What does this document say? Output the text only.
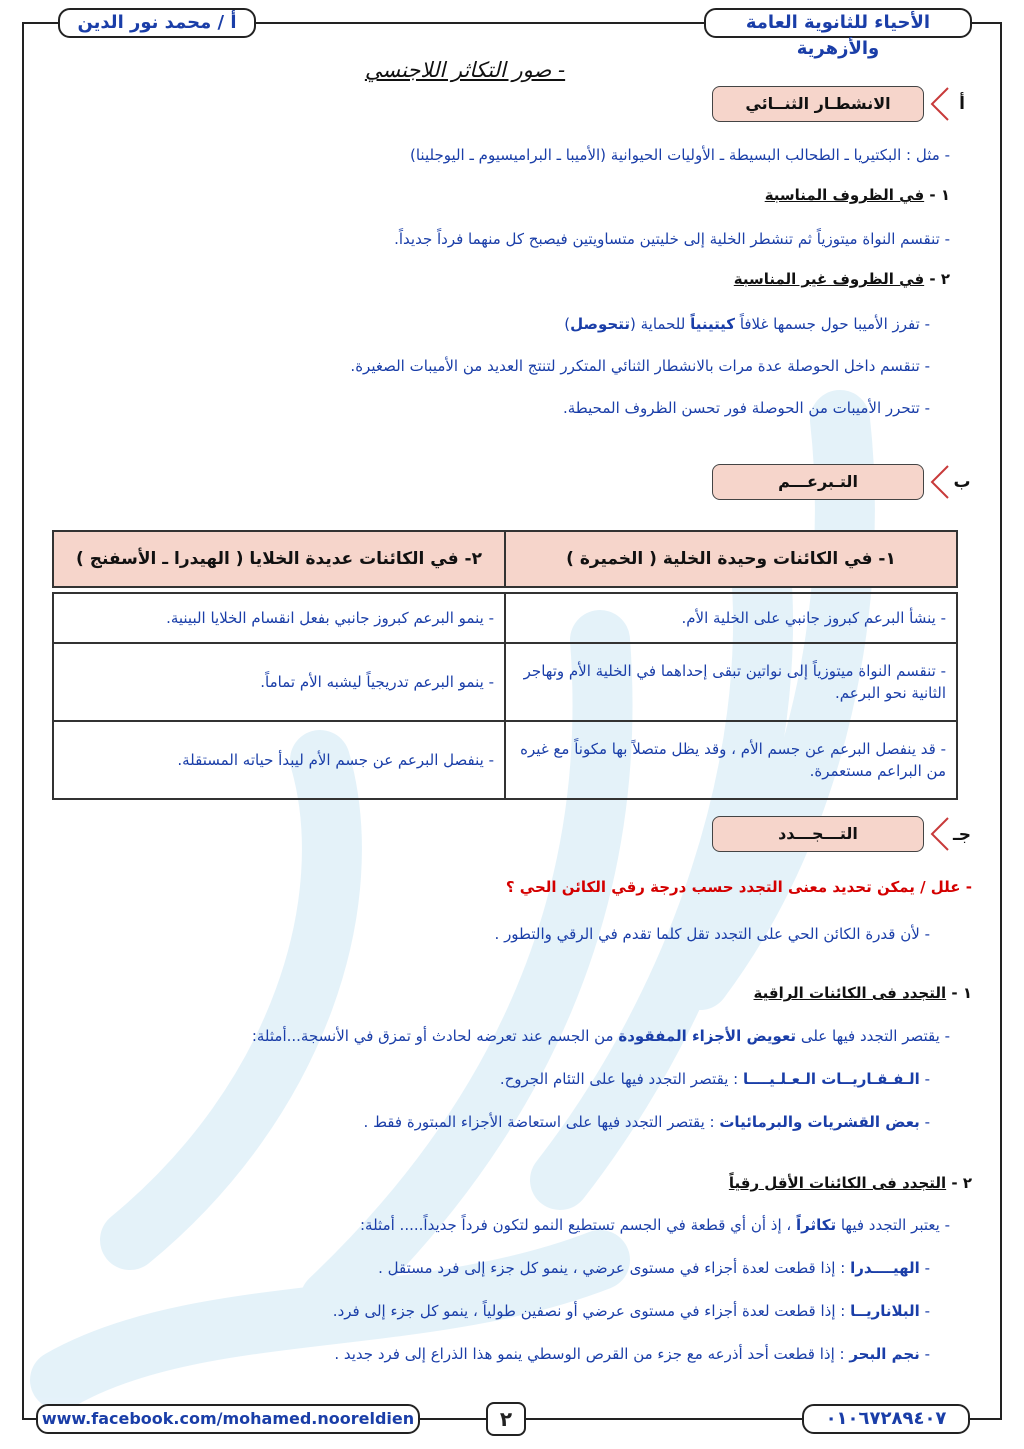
الأحياء للثانوية العامة والأزهرية
أ / محمد نور الدين
- صور التكاثر اللاجنسي
أ
الانشطـار الثنــائي
- مثل : البكتيريا ـ الطحالب البسيطة ـ الأوليات الحيوانية (الأميبا ـ البراميسيوم ـ اليوجلينا)
١ - في الظروف المناسبة
- تنقسم النواة ميتوزياً ثم تنشطر الخلية إلى خليتين متساويتين فيصبح كل منهما فرداً جديداً.
٢ - في الظروف غير المناسبة
- تفرز الأميبا حول جسمها غلافاً كيتينياً للحماية (تتحوصل)
- تنقسم داخل الحوصلة عدة مرات بالانشطار الثنائي المتكرر لتنتج العديد من الأميبات الصغيرة.
- تتحرر الأميبات من الحوصلة فور تحسن الظروف المحيطة.
ب
التـبرعـــم
١- في الكائنات وحيدة الخلية ( الخميرة )	٢- في الكائنات عديدة الخلايا ( الهيدرا ـ الأسفنج )

- ينشأ البرعم كبروز جانبي على الخلية الأم.	- ينمو البرعم كبروز جانبي بفعل انقسام الخلايا البينية.
- تنقسم النواة ميتوزياً إلى نواتين تبقى إحداهما في الخلية الأم وتهاجر الثانية نحو البرعم.	- ينمو البرعم تدريجياً ليشبه الأم تماماً.
- قد ينفصل البرعم عن جسم الأم ، وقد يظل متصلاً بها مكوناً مع غيره من البراعم مستعمرة.	- ينفصل البرعم عن جسم الأم ليبدأ حياته المستقلة.
جـ
التـــجـــدد
- علل / يمكن تحديد معنى التجدد حسب درجة رقي الكائن الحي ؟
- لأن قدرة الكائن الحي على التجدد تقل كلما تقدم في الرقي والتطور .
١ - التجدد فى الكائنات الراقية
- يقتصر التجدد فيها على تعويض الأجزاء المفقودة من الجسم عند تعرضه لحادث أو تمزق في الأنسجة...أمثلة:
- الـفـقـاريــات الـعـلـيــــا : يقتصر التجدد فيها على التئام الجروح.
- بعض القشريات والبرمائيات : يقتصر التجدد فيها على استعاضة الأجزاء المبتورة فقط .
٢ - التجدد فى الكائنات الأقل رقياً
- يعتبر التجدد فيها تكاثراً ، إذ أن أي قطعة في الجسم تستطيع النمو لتكون فرداً جديداً..... أمثلة:
- الهيــــدرا : إذا قطعت لعدة أجزاء في مستوى عرضي ، ينمو كل جزء إلى فرد مستقل .
- البلاناريــا : إذا قطعت لعدة أجزاء في مستوى عرضي أو نصفين طولياً ، ينمو كل جزء إلى فرد.
- نجم البحر : إذا قطعت أحد أذرعه مع جزء من القرص الوسطي ينمو هذا الذراع إلى فرد جديد .
www.facebook.com/mohamed.nooreldien	٢	٠١٠٦٧٢٨٩٤٠٧
